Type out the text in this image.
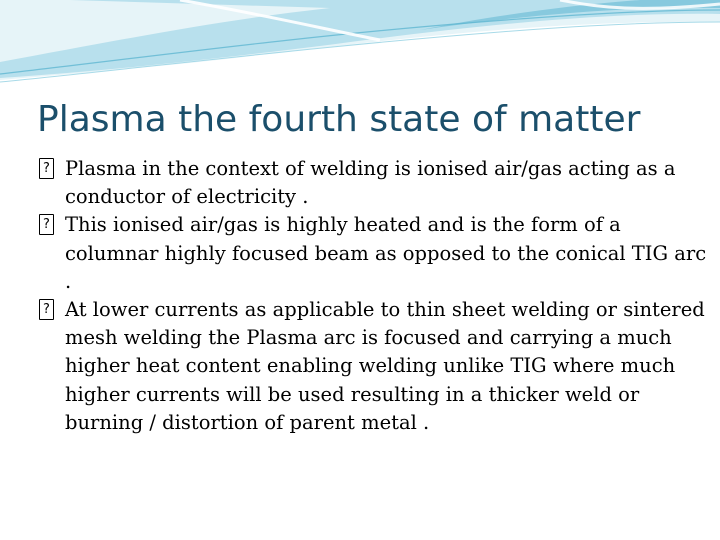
Plasma the fourth state of matter
? Plasma in the context of welding is ionised air/gas acting as a conductor of electricity .
? This ionised air/gas is highly heated and is the form of a columnar highly focused beam as opposed to the conical TIG arc .
? At lower currents as applicable to thin sheet welding or sintered mesh welding the Plasma arc is focused and carrying a much higher heat content enabling welding unlike TIG where much higher currents will be used resulting in a thicker weld or burning / distortion of parent metal .
